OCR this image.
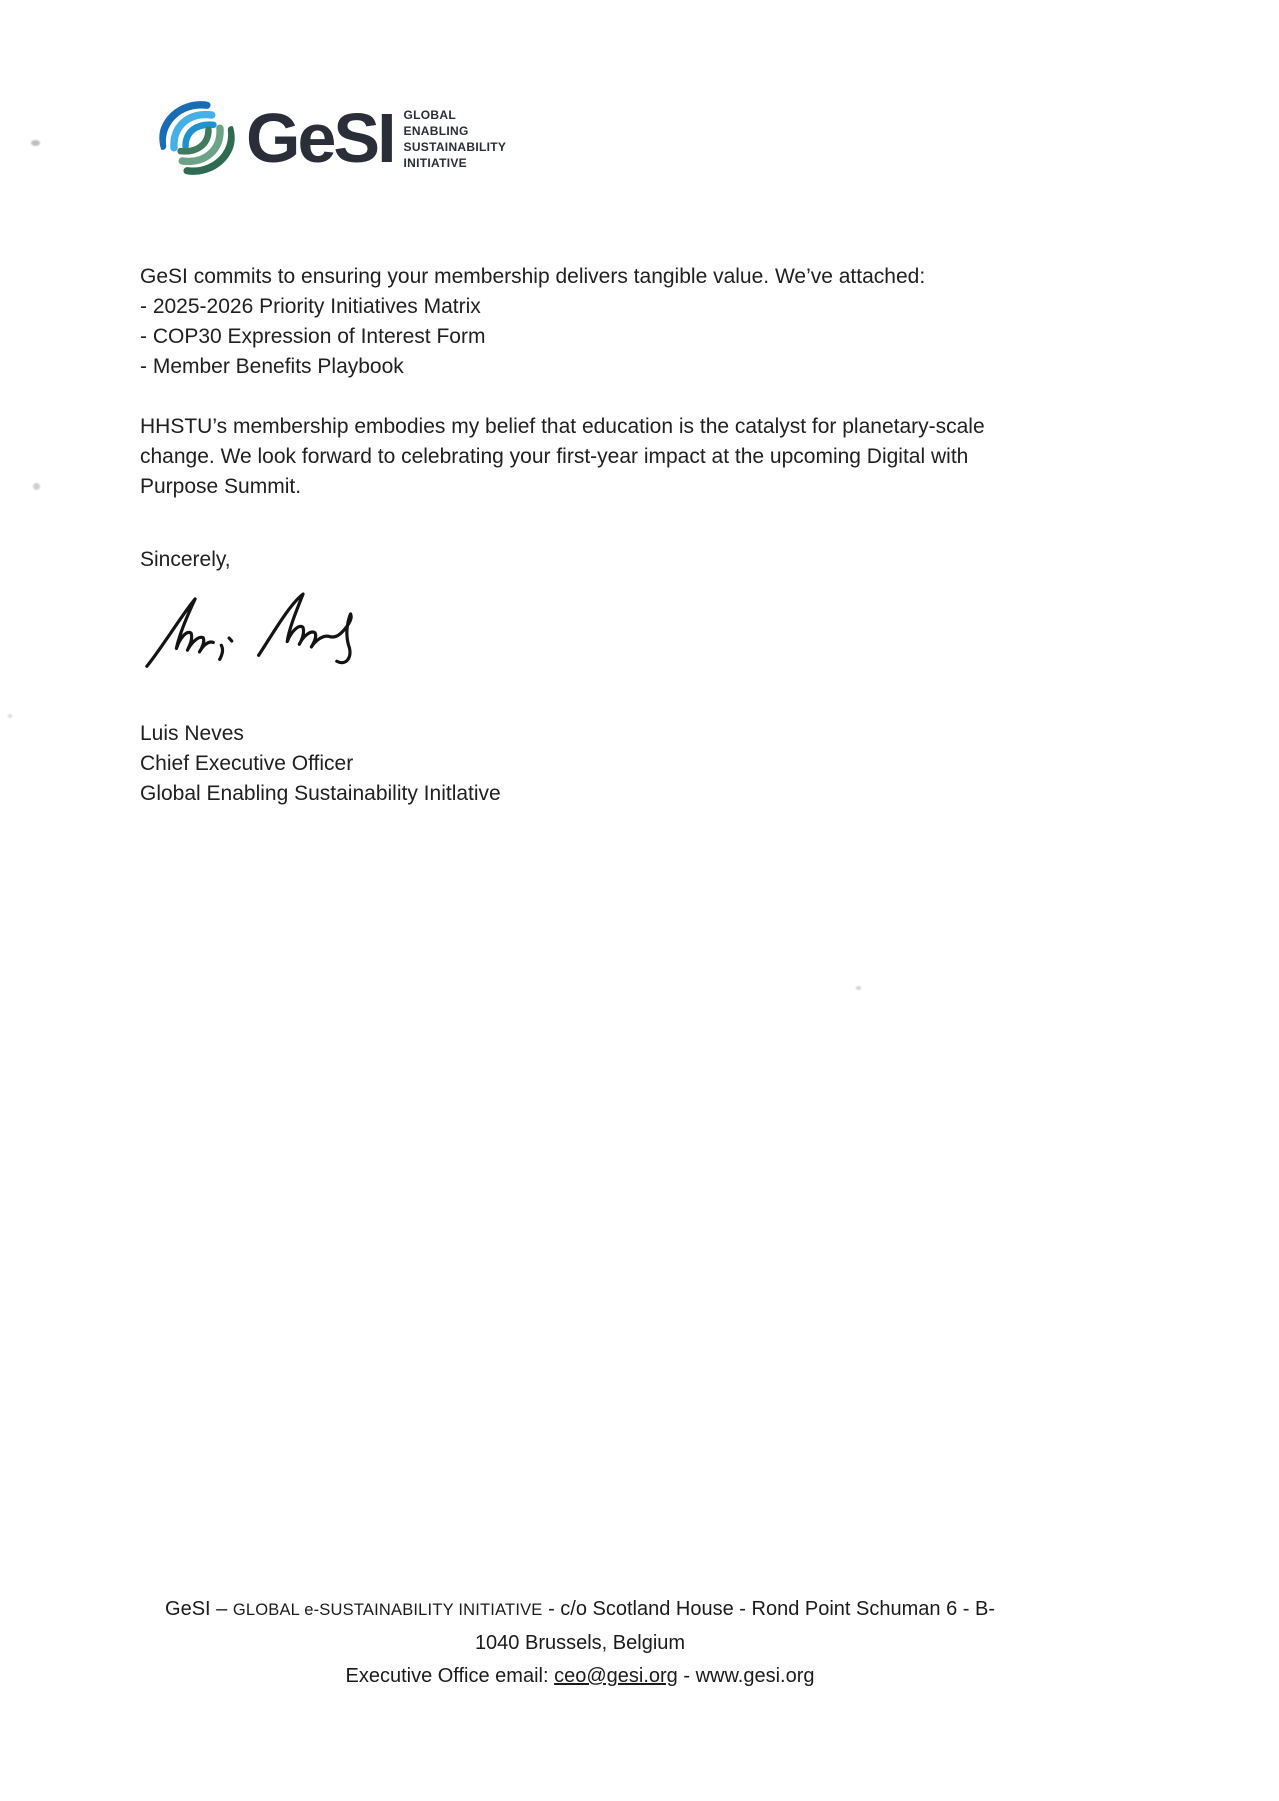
GeSI GLOBAL
ENABLING
SUSTAINABILITY
INITIATIVE

GeSI commits to ensuring your membership delivers tangible value. We’ve attached:

- 2025-2026 Priority Initiatives Matrix
- COP30 Expression of Interest Form
- Member Benefits Playbook

HHSTU’s membership embodies my belief that education is the catalyst for planetary-scale change. We look forward to celebrating your first-year impact at the upcoming Digital with Purpose Summit.

Sincerely,

Luis Neves
Chief Executive Officer
Global Enabling Sustainability Initlative
GeSI – GLOBAL e-SUSTAINABILITY INITIATIVE - c/o Scotland House - Rond Point Schuman 6 - B-
1040 Brussels, Belgium
Executive Office email: ceo@gesi.org - www.gesi.org
